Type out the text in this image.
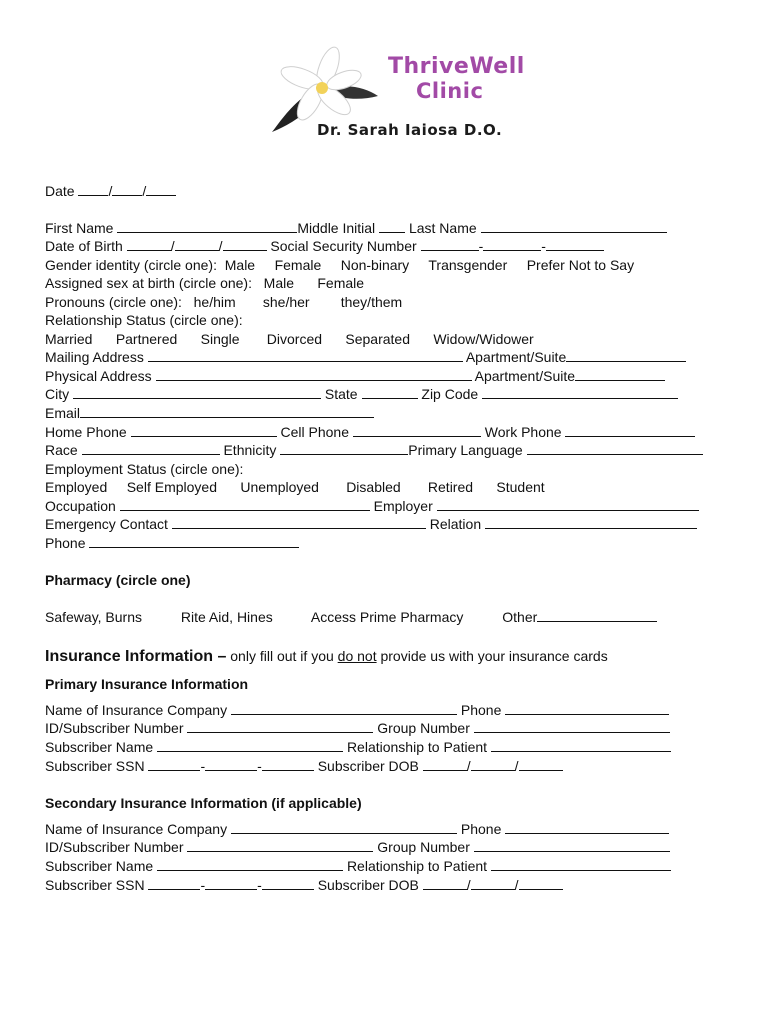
ThriveWell
Clinic
Dr. Sarah Iaiosa D.O.
Date / /
First Name	Middle Initial Last Name
Date of Birth	/	/	Social Security Number	-	-
Gender identity (circle one): Male Female Non-binary Transgender Prefer Not to Say
Assigned sex at birth (circle one): Male Female
Pronouns (circle one): he/him she/her they/them
Relationship Status (circle one):
Married Partnered Single Divorced Separated Widow/Widower
Mailing Address	Apartment/Suite
Physical Address	Apartment/Suite
City	State	Zip Code
Email
Home Phone	Cell Phone	Work Phone
Race	Ethnicity	Primary Language
Employment Status (circle one):
Employed Self Employed Unemployed Disabled Retired Student
Occupation	Employer
Emergency Contact	Relation
Phone
Pharmacy (circle one)
Safeway, Burns	Rite Aid, Hines	Access Prime Pharmacy	Other
Insurance Information – only fill out if you do not provide us with your insurance cards
Primary Insurance Information
Name of Insurance Company	Phone
ID/Subscriber Number	Group Number
Subscriber Name	Relationship to Patient
Subscriber SSN	-	-	Subscriber DOB	/	/
Secondary Insurance Information (if applicable)
Name of Insurance Company	Phone
ID/Subscriber Number	Group Number
Subscriber Name	Relationship to Patient
Subscriber SSN	-	-	Subscriber DOB	/	/
